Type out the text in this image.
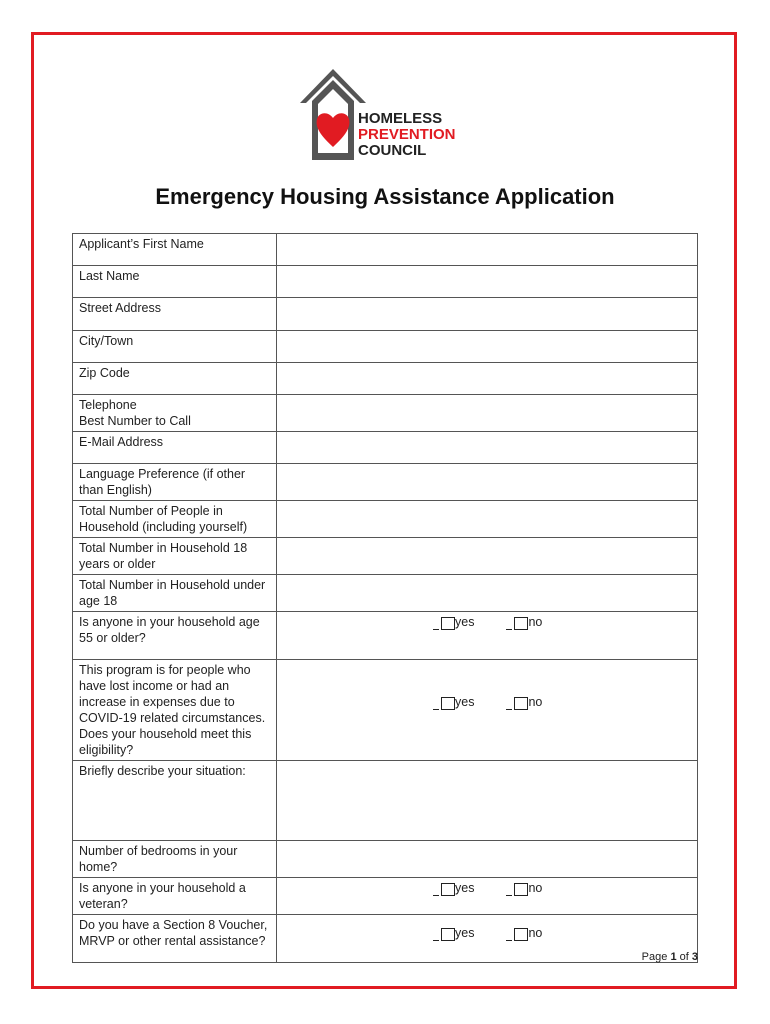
HOMELESS
PREVENTION
COUNCIL
Emergency Housing Assistance Application
Applicant’s First Name	
Last Name	
Street Address	
City/Town	
Zip Code	
Telephone
Best Number to Call	
E-Mail Address	
Language Preference (if other than English)	
Total Number of People in Household (including yourself)	
Total Number in Household 18 years or older	
Total Number in Household under age 18	
Is anyone in your household age 55 or older?	yes no

This program is for people who have lost income or had an increase in expenses due to COVID-19 related circumstances. Does your household meet this eligibility?	yes no

Briefly describe your situation:	
Number of bedrooms in your home?	
Is anyone in your household a veteran?	yes no

Do you have a Section 8 Voucher, MRVP or other rental assistance?	yes no
Page 1 of 3
